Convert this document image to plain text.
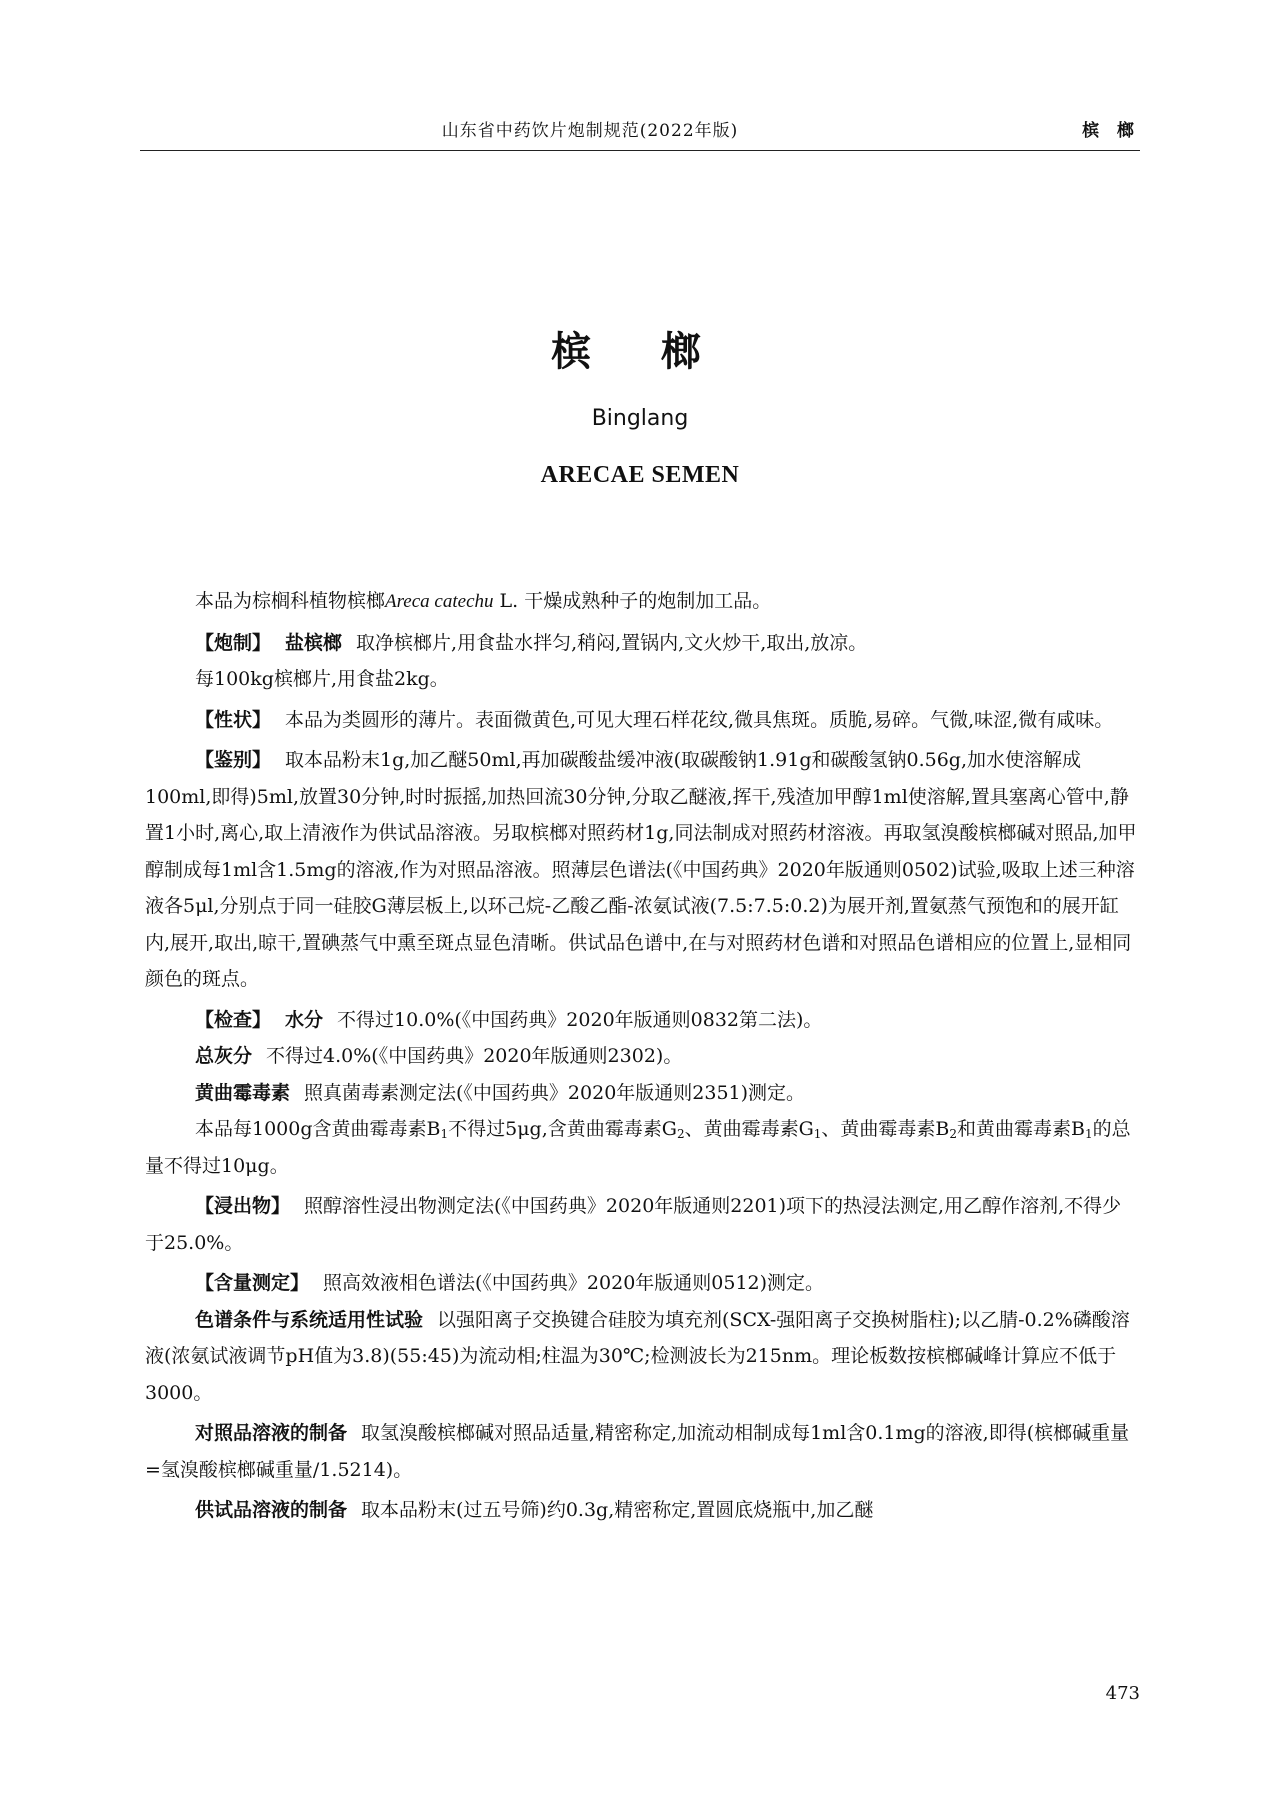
山东省中药饮片炮制规范(2022年版)	槟 榔
槟 榔
Binglang
ARECAE SEMEN

本品为棕榈科植物槟榔Areca catechu L. 干燥成熟种子的炮制加工品。

【炮制】 盐槟榔 取净槟榔片,用食盐水拌匀,稍闷,置锅内,文火炒干,取出,放凉。

每100kg槟榔片,用食盐2kg。

【性状】 本品为类圆形的薄片。表面微黄色,可见大理石样花纹,微具焦斑。质脆,易碎。气微,味涩,微有咸味。

【鉴别】 取本品粉末1g,加乙醚50ml,再加碳酸盐缓冲液(取碳酸钠1.91g和碳酸氢钠0.56g,加水使溶解成100ml,即得)5ml,放置30分钟,时时振摇,加热回流30分钟,分取乙醚液,挥干,残渣加甲醇1ml使溶解,置具塞离心管中,静置1小时,离心,取上清液作为供试品溶液。另取槟榔对照药材1g,同法制成对照药材溶液。再取氢溴酸槟榔碱对照品,加甲醇制成每1ml含1.5mg的溶液,作为对照品溶液。照薄层色谱法(《中国药典》2020年版通则0502)试验,吸取上述三种溶液各5μl,分别点于同一硅胶G薄层板上,以环己烷-乙酸乙酯-浓氨试液(7.5:7.5:0.2)为展开剂,置氨蒸气预饱和的展开缸内,展开,取出,晾干,置碘蒸气中熏至斑点显色清晰。供试品色谱中,在与对照药材色谱和对照品色谱相应的位置上,显相同颜色的斑点。

【检查】 水分 不得过10.0%(《中国药典》2020年版通则0832第二法)。

总灰分 不得过4.0%(《中国药典》2020年版通则2302)。

黄曲霉毒素 照真菌毒素测定法(《中国药典》2020年版通则2351)测定。

本品每1000g含黄曲霉毒素$B_1$不得过5μg,含黄曲霉毒素$G_2$、黄曲霉毒素$G_1$、黄曲霉毒素$B_2$和黄曲霉毒素$B_1$的总量不得过10μg。

【浸出物】 照醇溶性浸出物测定法(《中国药典》2020年版通则2201)项下的热浸法测定,用乙醇作溶剂,不得少于25.0%。

【含量测定】 照高效液相色谱法(《中国药典》2020年版通则0512)测定。

色谱条件与系统适用性试验 以强阳离子交换键合硅胶为填充剂(SCX-强阳离子交换树脂柱);以乙腈-0.2%磷酸溶液(浓氨试液调节pH值为3.8)(55:45)为流动相;柱温为30℃;检测波长为215nm。理论板数按槟榔碱峰计算应不低于3000。

对照品溶液的制备 取氢溴酸槟榔碱对照品适量,精密称定,加流动相制成每1ml含0.1mg的溶液,即得(槟榔碱重量=氢溴酸槟榔碱重量/1.5214)。

供试品溶液的制备 取本品粉末(过五号筛)约0.3g,精密称定,置圆底烧瓶中,加乙醚

473
